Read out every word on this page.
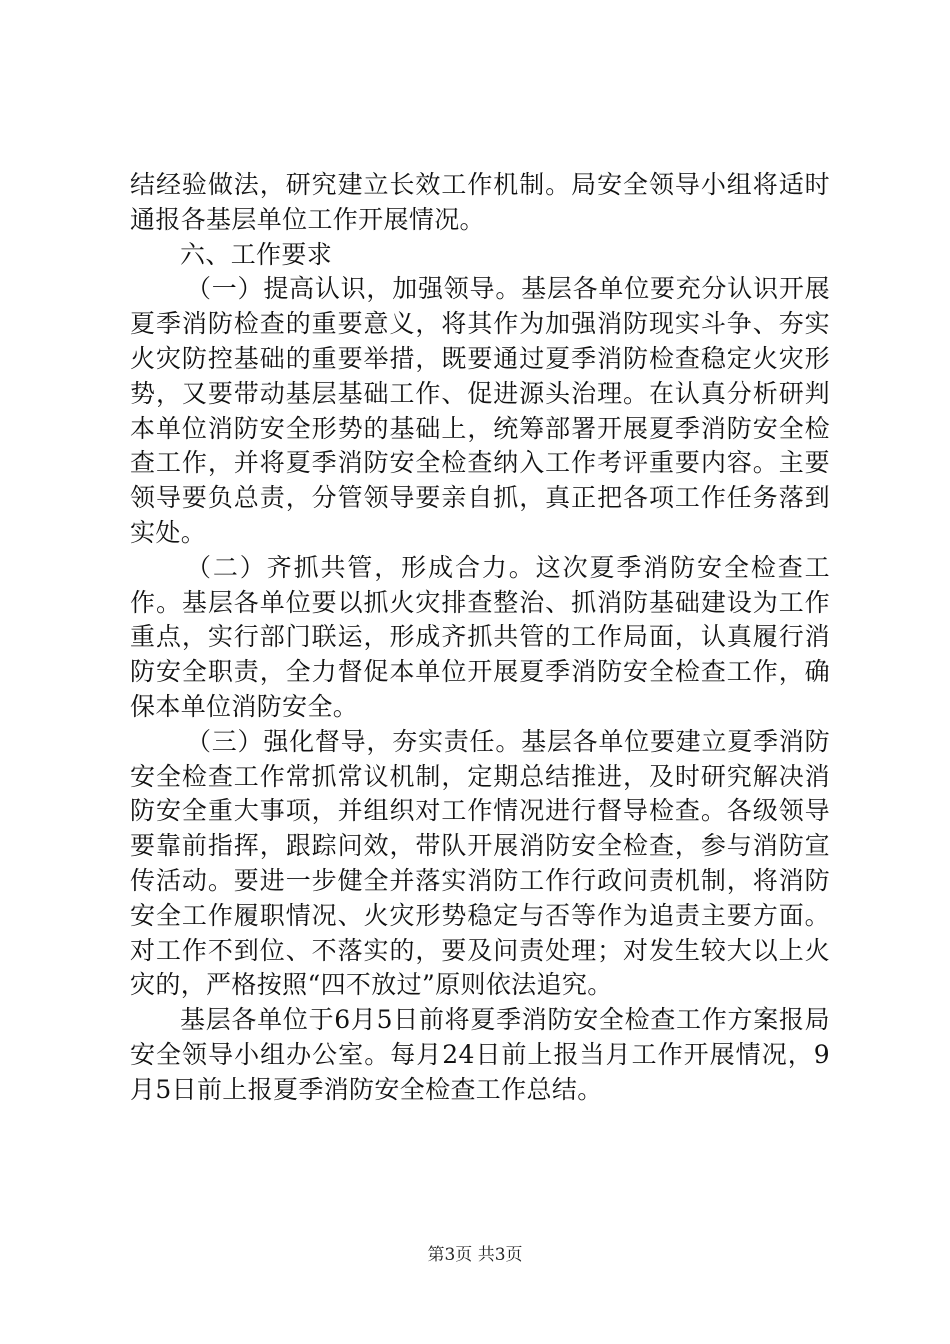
结经验做法，研究建立长效工作机制。局安全领导小组将适时通报各基层单位工作开展情况。

六、工作要求

（一）提高认识，加强领导。基层各单位要充分认识开展夏季消防检查的重要意义，将其作为加强消防现实斗争、夯实火灾防控基础的重要举措，既要通过夏季消防检查稳定火灾形势，又要带动基层基础工作、促进源头治理。在认真分析研判本单位消防安全形势的基础上，统筹部署开展夏季消防安全检查工作，并将夏季消防安全检查纳入工作考评重要内容。主要领导要负总责，分管领导要亲自抓，真正把各项工作任务落到实处。

（二）齐抓共管，形成合力。这次夏季消防安全检查工作。基层各单位要以抓火灾排查整治、抓消防基础建设为工作重点，实行部门联运，形成齐抓共管的工作局面，认真履行消防安全职责，全力督促本单位开展夏季消防安全检查工作，确保本单位消防安全。

（三）强化督导，夯实责任。基层各单位要建立夏季消防安全检查工作常抓常议机制，定期总结推进，及时研究解决消防安全重大事项，并组织对工作情况进行督导检查。各级领导要靠前指挥，跟踪问效，带队开展消防安全检查，参与消防宣传活动。要进一步健全并落实消防工作行政问责机制，将消防安全工作履职情况、火灾形势稳定与否等作为追责主要方面。对工作不到位、不落实的，要及问责处理；对发生较大以上火灾的，严格按照“四不放过”原则依法追究。

基层各单位于6月5日前将夏季消防安全检查工作方案报局安全领导小组办公室。每月24日前上报当月工作开展情况，9月5日前上报夏季消防安全检查工作总结。

第3页 共3页
